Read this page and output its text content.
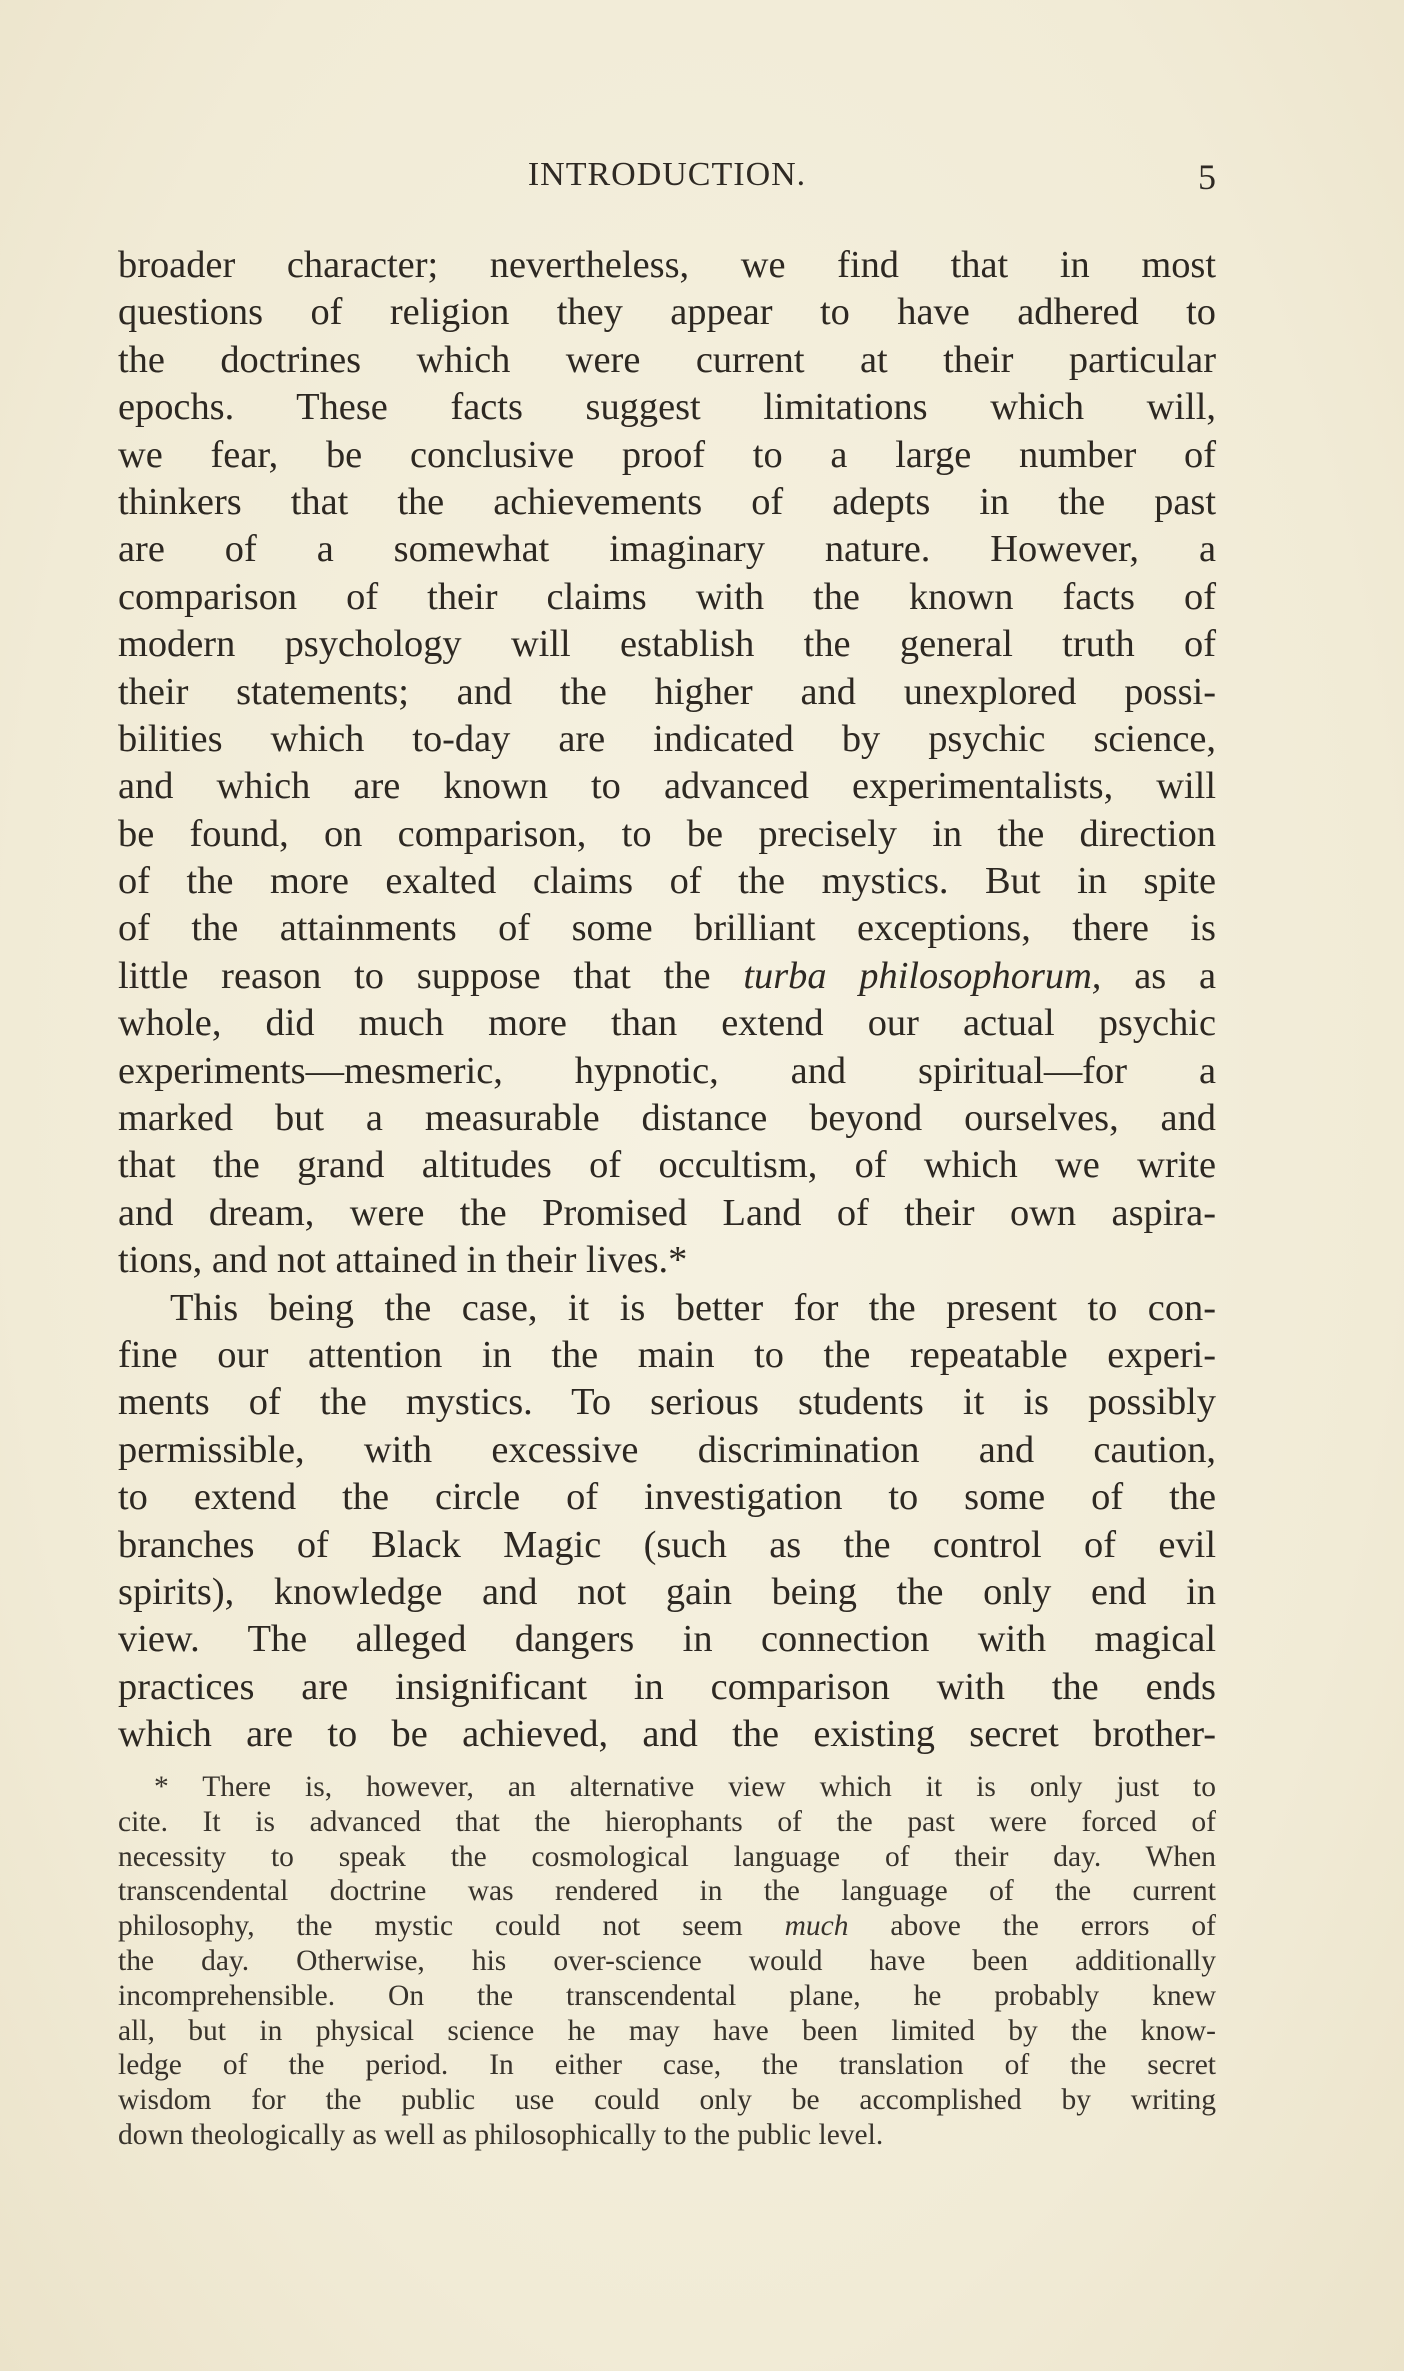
INTRODUCTION.	5
broader character; nevertheless, we find that in most
questions of religion they appear to have adhered to
the doctrines which were current at their particular
epochs. These facts suggest limitations which will,
we fear, be conclusive proof to a large number of
thinkers that the achievements of adepts in the past
are of a somewhat imaginary nature. However, a
comparison of their claims with the known facts of
modern psychology will establish the general truth of
their statements; and the higher and unexplored possi-
bilities which to-day are indicated by psychic science,
and which are known to advanced experimentalists, will
be found, on comparison, to be precisely in the direction
of the more exalted claims of the mystics. But in spite
of the attainments of some brilliant exceptions, there is
little reason to suppose that the turba philosophorum, as a
whole, did much more than extend our actual psychic
experiments—mesmeric, hypnotic, and spiritual—for a
marked but a measurable distance beyond ourselves, and
that the grand altitudes of occultism, of which we write
and dream, were the Promised Land of their own aspira-
tions, and not attained in their lives.*
This being the case, it is better for the present to con-
fine our attention in the main to the repeatable experi-
ments of the mystics. To serious students it is possibly
permissible, with excessive discrimination and caution,
to extend the circle of investigation to some of the
branches of Black Magic (such as the control of evil
spirits), knowledge and not gain being the only end in
view. The alleged dangers in connection with magical
practices are insignificant in comparison with the ends
which are to be achieved, and the existing secret brother-
* There is, however, an alternative view which it is only just to
cite. It is advanced that the hierophants of the past were forced of
necessity to speak the cosmological language of their day. When
transcendental doctrine was rendered in the language of the current
philosophy, the mystic could not seem much above the errors of
the day. Otherwise, his over-science would have been additionally
incomprehensible. On the transcendental plane, he probably knew
all, but in physical science he may have been limited by the know-
ledge of the period. In either case, the translation of the secret
wisdom for the public use could only be accomplished by writing
down theologically as well as philosophically to the public level.
